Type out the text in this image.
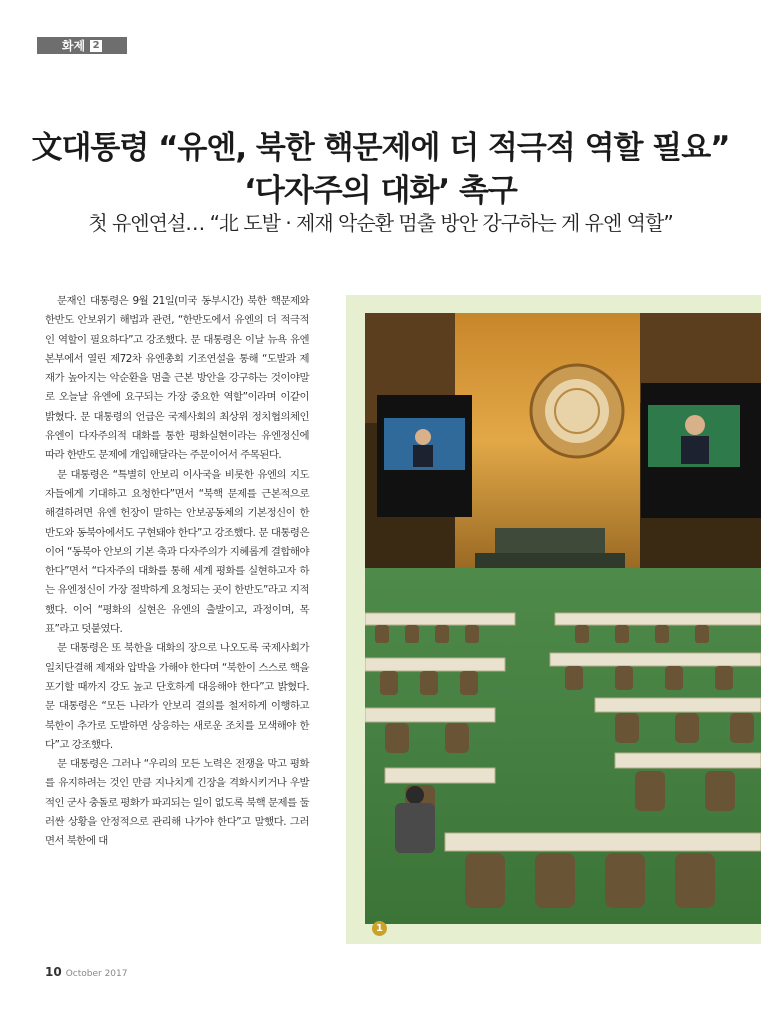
화제 2
文대통령 “유엔, 북한 핵문제에 더 적극적 역할 필요”
‘다자주의 대화’ 촉구
첫 유엔연설… “北 도발 · 제재 악순환 멈출 방안 강구하는 게 유엔 역할”

문재인 대통령은 9월 21일(미국 동부시간) 북한 핵문제와 한반도 안보위기 해법과 관련, “한반도에서 유엔의 더 적극적인 역할이 필요하다”고 강조했다. 문 대통령은 이날 뉴욕 유엔본부에서 열린 제72차 유엔총회 기조연설을 통해 “도발과 제재가 높아지는 악순환을 멈출 근본 방안을 강구하는 것이야말로 오늘날 유엔에 요구되는 가장 중요한 역할”이라며 이같이 밝혔다. 문 대통령의 언급은 국제사회의 최상위 정치협의체인 유엔이 다자주의적 대화를 통한 평화실현이라는 유엔정신에 따라 한반도 문제에 개입해달라는 주문이어서 주목된다.

문 대통령은 “특별히 안보리 이사국을 비롯한 유엔의 지도자들에게 기대하고 요청한다”면서 “북핵 문제를 근본적으로 해결하려면 유엔 헌장이 말하는 안보공동체의 기본정신이 한반도와 동북아에서도 구현돼야 한다”고 강조했다. 문 대통령은 이어 “동북아 안보의 기본 축과 다자주의가 지혜롭게 결합해야 한다”면서 “다자주의 대화를 통해 세계 평화를 실현하고자 하는 유엔정신이 가장 절박하게 요청되는 곳이 한반도”라고 지적했다. 이어 “평화의 실현은 유엔의 출발이고, 과정이며, 목표”라고 덧붙였다.

문 대통령은 또 북한을 대화의 장으로 나오도록 국제사회가 일치단결해 제재와 압박을 가해야 한다며 “북한이 스스로 핵을 포기할 때까지 강도 높고 단호하게 대응해야 한다”고 밝혔다. 문 대통령은 “모든 나라가 안보리 결의를 철저하게 이행하고 북한이 추가로 도발하면 상응하는 새로운 조치를 모색해야 한다”고 강조했다.

문 대통령은 그러나 “우리의 모든 노력은 전쟁을 막고 평화를 유지하려는 것인 만큼 지나치게 긴장을 격화시키거나 우발적인 군사 충돌로 평화가 파괴되는 일이 없도록 북핵 문제를 둘러싼 상황을 안정적으로 관리해 나가야 한다”고 말했다. 그러면서 북한에 대

1
10 October 2017
